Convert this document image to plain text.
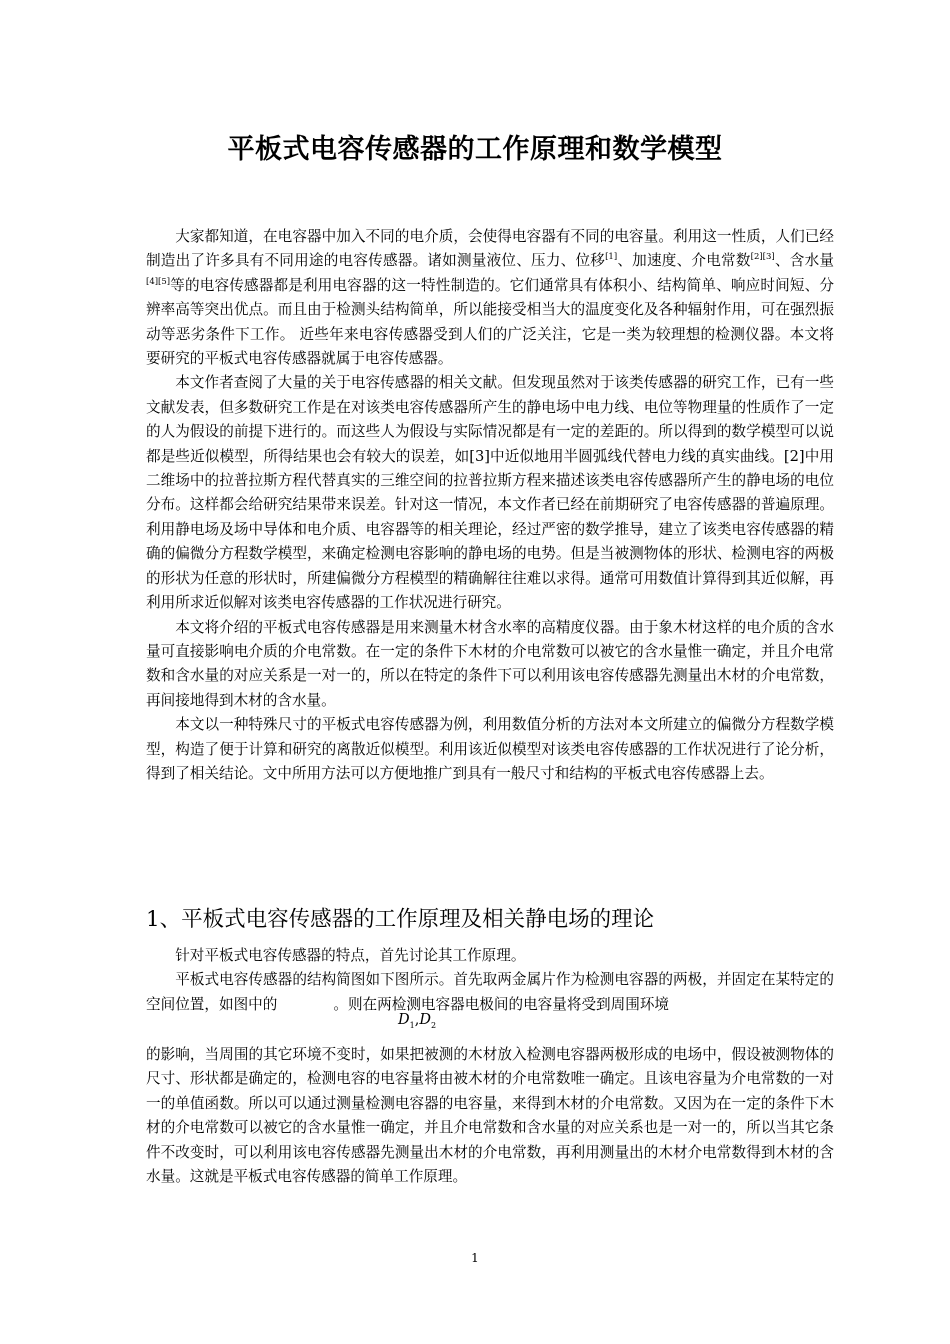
平板式电容传感器的工作原理和数学模型

大家都知道，在电容器中加入不同的电介质，会使得电容器有不同的电容量。利用这一性质，人们已经制造出了许多具有不同用途的电容传感器。诸如测量液位、压力、位移[1]、加速度、介电常数[2][3]、含水量[4][5]等的电容传感器都是利用电容器的这一特性制造的。它们通常具有体积小、结构简单、响应时间短、分辨率高等突出优点。而且由于检测头结构简单，所以能接受相当大的温度变化及各种辐射作用，可在强烈振动等恶劣条件下工作。 近些年来电容传感器受到人们的广泛关注，它是一类为较理想的检测仪器。本文将要研究的平板式电容传感器就属于电容传感器。

本文作者查阅了大量的关于电容传感器的相关文献。但发现虽然对于该类传感器的研究工作，已有一些文献发表，但多数研究工作是在对该类电容传感器所产生的静电场中电力线、电位等物理量的性质作了一定的人为假设的前提下进行的。而这些人为假设与实际情况都是有一定的差距的。所以得到的数学模型可以说都是些近似模型，所得结果也会有较大的误差，如[3]中近似地用半圆弧线代替电力线的真实曲线。[2]中用二维场中的拉普拉斯方程代替真实的三维空间的拉普拉斯方程来描述该类电容传感器所产生的静电场的电位分布。这样都会给研究结果带来误差。针对这一情况，本文作者已经在前期研究了电容传感器的普遍原理。利用静电场及场中导体和电介质、电容器等的相关理论，经过严密的数学推导，建立了该类电容传感器的精确的偏微分方程数学模型，来确定检测电容影响的静电场的电势。但是当被测物体的形状、检测电容的两极的形状为任意的形状时，所建偏微分方程模型的精确解往往难以求得。通常可用数值计算得到其近似解，再利用所求近似解对该类电容传感器的工作状况进行研究。

本文将介绍的平板式电容传感器是用来测量木材含水率的高精度仪器。由于象木材这样的电介质的含水量可直接影响电介质的介电常数。在一定的条件下木材的介电常数可以被它的含水量惟一确定，并且介电常数和含水量的对应关系是一对一的，所以在特定的条件下可以利用该电容传感器先测量出木材的介电常数，再间接地得到木材的含水量。

本文以一种特殊尺寸的平板式电容传感器为例，利用数值分析的方法对本文所建立的偏微分方程数学模型，构造了便于计算和研究的离散近似模型。利用该近似模型对该类电容传感器的工作状况进行了论分析，得到了相关结论。文中所用方法可以方便地推广到具有一般尺寸和结构的平板式电容传感器上去。

1、平板式电容传感器的工作原理及相关静电场的理论

针对平板式电容传感器的特点，首先讨论其工作原理。

平板式电容传感器的结构简图如下图所示。首先取两金属片作为检测电容器的两极，并固定在某特定的空间位置，如图中的	。则在两检测电容器电极间的电容量将受到周围环境

$D_1,D_2$

的影响，当周围的其它环境不变时，如果把被测的木材放入检测电容器两极形成的电场中，假设被测物体的尺寸、形状都是确定的，检测电容的电容量将由被木材的介电常数唯一确定。且该电容量为介电常数的一对一的单值函数。所以可以通过测量检测电容器的电容量，来得到木材的介电常数。又因为在一定的条件下木材的介电常数可以被它的含水量惟一确定，并且介电常数和含水量的对应关系也是一对一的，所以当其它条件不改变时，可以利用该电容传感器先测量出木材的介电常数，再利用测量出的木材介电常数得到木材的含水量。这就是平板式电容传感器的简单工作原理。

1
